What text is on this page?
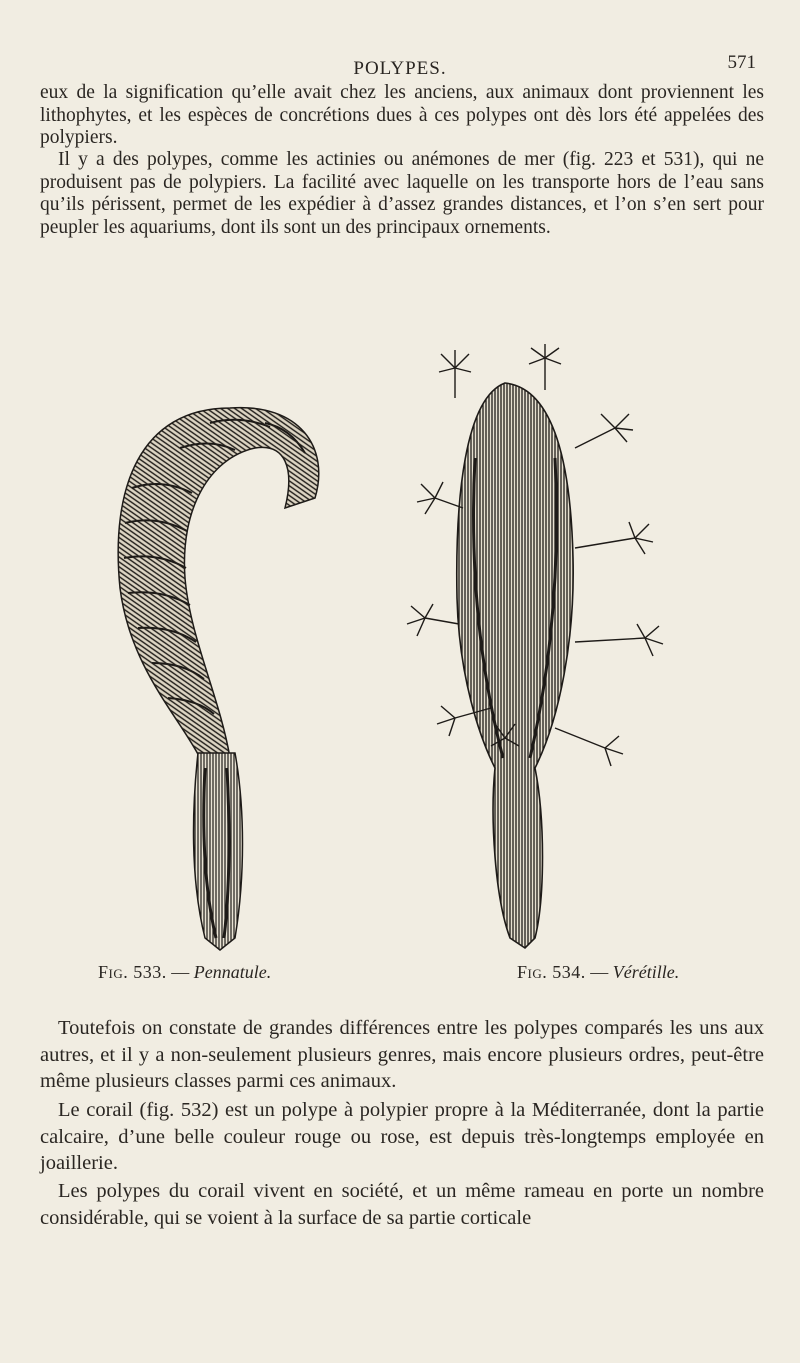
POLYPES.	571

eux de la signification qu’elle avait chez les anciens, aux animaux dont proviennent les lithophytes, et les espèces de concrétions dues à ces polypes ont dès lors été appelées des polypiers.

Il y a des polypes, comme les actinies ou anémones de mer (fig. 223 et 531), qui ne produisent pas de polypiers. La facilité avec laquelle on les transporte hors de l’eau sans qu’ils périssent, permet de les expédier à d’assez grandes distances, et l’on s’en sert pour peupler les aquariums, dont ils sont un des principaux ornements.

Fig. 533. — Pennatule.	Fig. 534. — Vérétille.

Toutefois on constate de grandes différences entre les polypes comparés les uns aux autres, et il y a non-seulement plusieurs genres, mais encore plusieurs ordres, peut-être même plusieurs classes parmi ces animaux.

Le corail (fig. 532) est un polype à polypier propre à la Méditerranée, dont la partie calcaire, d’une belle couleur rouge ou rose, est depuis très-longtemps employée en joaillerie.

Les polypes du corail vivent en société, et un même rameau en porte un nombre considérable, qui se voient à la surface de sa partie corticale
